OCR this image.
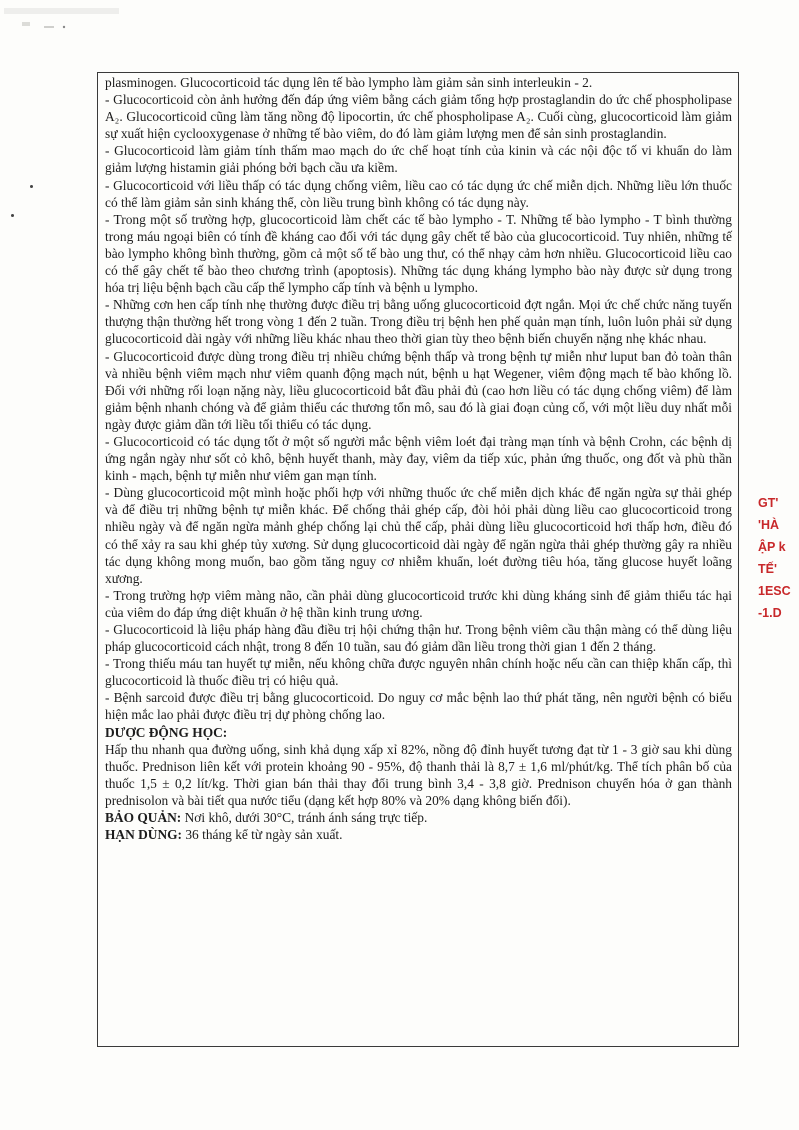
plasminogen. Glucocorticoid tác dụng lên tế bào lympho làm giảm sản sinh interleukin - 2.

- Glucocorticoid còn ảnh hưởng đến đáp ứng viêm bằng cách giảm tổng hợp prostaglandin do ức chế phospholipase A₂. Glucocorticoid cũng làm tăng nồng độ lipocortin, ức chế phospholipase A₂. Cuối cùng, glucocorticoid làm giảm sự xuất hiện cyclooxygenase ở những tế bào viêm, do đó làm giảm lượng men để sản sinh prostaglandin.

- Glucocorticoid làm giảm tính thấm mao mạch do ức chế hoạt tính của kinin và các nội độc tố vi khuẩn do làm giảm lượng histamin giải phóng bởi bạch cầu ưa kiềm.

- Glucocorticoid với liều thấp có tác dụng chống viêm, liều cao có tác dụng ức chế miễn dịch. Những liều lớn thuốc có thể làm giảm sản sinh kháng thể, còn liều trung bình không có tác dụng này.

- Trong một số trường hợp, glucocorticoid làm chết các tế bào lympho - T. Những tế bào lympho - T bình thường trong máu ngoại biên có tính đề kháng cao đối với tác dụng gây chết tế bào của glucocorticoid. Tuy nhiên, những tế bào lympho không bình thường, gồm cả một số tế bào ung thư, có thể nhạy cảm hơn nhiều. Glucocorticoid liều cao có thể gây chết tế bào theo chương trình (apoptosis). Những tác dụng kháng lympho bào này được sử dụng trong hóa trị liệu bệnh bạch cầu cấp thể lympho cấp tính và bệnh u lympho.

- Những cơn hen cấp tính nhẹ thường được điều trị bằng uống glucocorticoid đợt ngắn. Mọi ức chế chức năng tuyến thượng thận thường hết trong vòng 1 đến 2 tuần. Trong điều trị bệnh hen phế quản mạn tính, luôn luôn phải sử dụng glucocorticoid dài ngày với những liều khác nhau theo thời gian tùy theo bệnh biến chuyển nặng nhẹ khác nhau.

- Glucocorticoid được dùng trong điều trị nhiều chứng bệnh thấp và trong bệnh tự miễn như luput ban đỏ toàn thân và nhiều bệnh viêm mạch như viêm quanh động mạch nút, bệnh u hạt Wegener, viêm động mạch tế bào khổng lồ. Đối với những rối loạn nặng này, liều glucocorticoid bắt đầu phải đủ (cao hơn liều có tác dụng chống viêm) để làm giảm bệnh nhanh chóng và để giảm thiểu các thương tổn mô, sau đó là giai đoạn củng cố, với một liều duy nhất mỗi ngày được giảm dần tới liều tối thiểu có tác dụng.

- Glucocorticoid có tác dụng tốt ở một số người mắc bệnh viêm loét đại tràng mạn tính và bệnh Crohn, các bệnh dị ứng ngắn ngày như sốt cỏ khô, bệnh huyết thanh, mày đay, viêm da tiếp xúc, phản ứng thuốc, ong đốt và phù thần kinh - mạch, bệnh tự miễn như viêm gan mạn tính.

- Dùng glucocorticoid một mình hoặc phối hợp với những thuốc ức chế miễn dịch khác để ngăn ngừa sự thải ghép và để điều trị những bệnh tự miễn khác. Để chống thải ghép cấp, đòi hỏi phải dùng liều cao glucocorticoid trong nhiều ngày và để ngăn ngừa mảnh ghép chống lại chủ thể cấp, phải dùng liều glucocorticoid hơi thấp hơn, điều đó có thể xảy ra sau khi ghép tủy xương. Sử dụng glucocorticoid dài ngày để ngăn ngừa thải ghép thường gây ra nhiều tác dụng không mong muốn, bao gồm tăng nguy cơ nhiễm khuẩn, loét đường tiêu hóa, tăng glucose huyết loãng xương.

- Trong trường hợp viêm màng não, cần phải dùng glucocorticoid trước khi dùng kháng sinh để giảm thiểu tác hại của viêm do đáp ứng diệt khuẩn ở hệ thần kinh trung ương.

- Glucocorticoid là liệu pháp hàng đầu điều trị hội chứng thận hư. Trong bệnh viêm cầu thận màng có thể dùng liệu pháp glucocorticoid cách nhật, trong 8 đến 10 tuần, sau đó giảm dần liều trong thời gian 1 đến 2 tháng.

- Trong thiếu máu tan huyết tự miễn, nếu không chữa được nguyên nhân chính hoặc nếu cần can thiệp khẩn cấp, thì glucocorticoid là thuốc điều trị có hiệu quả.

- Bệnh sarcoid được điều trị bằng glucocorticoid. Do nguy cơ mắc bệnh lao thứ phát tăng, nên người bệnh có biểu hiện mắc lao phải được điều trị dự phòng chống lao.

DƯỢC ĐỘNG HỌC:

Hấp thu nhanh qua đường uống, sinh khả dụng xấp xỉ 82%, nồng độ đỉnh huyết tương đạt từ 1 - 3 giờ sau khi dùng thuốc. Prednison liên kết với protein khoảng 90 - 95%, độ thanh thải là 8,7 ± 1,6 ml/phút/kg. Thể tích phân bố của thuốc 1,5 ± 0,2 lít/kg. Thời gian bán thải thay đổi trung bình 3,4 - 3,8 giờ. Prednison chuyển hóa ở gan thành prednisolon và bài tiết qua nước tiểu (dạng kết hợp 80% và 20% dạng không biến đổi).

BẢO QUẢN: Nơi khô, dưới 30°C, tránh ánh sáng trực tiếp.

HẠN DÙNG: 36 tháng kể từ ngày sản xuất.

GT'
'HÀ
ẬP k
TẾ'
1ESC
-1.D
